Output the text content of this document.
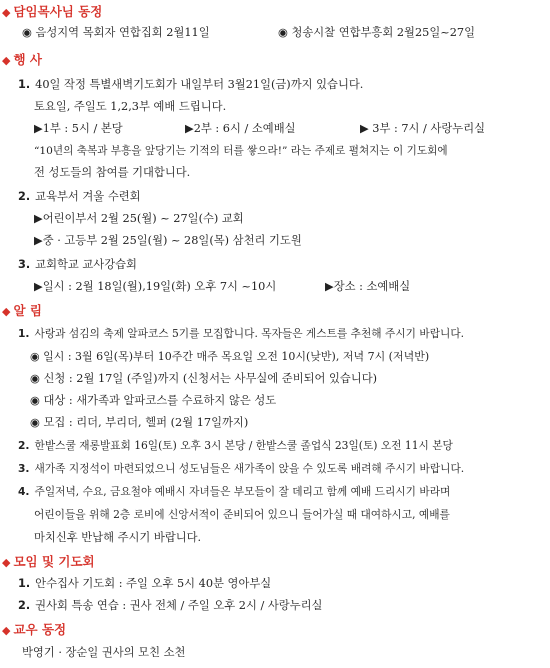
◆ 담임목사님 동정
◉ 음성지역 목회자 연합집회 2월11일	◉ 청송시찰 연합부흥회 2월25일~27일
◆ 행 사
1. 40일 작정 특별새벽기도회가 내일부터 3월21일(금)까지 있습니다.
토요일, 주일도 1,2,3부 예배 드립니다.
▶1부 : 5시 / 본당	▶2부 : 6시 / 소예배실	▶ 3부 : 7시 / 사랑누리실
“10년의 축복과 부흥을 앞당기는 기적의 터를 쌓으라!” 라는 주제로 펼쳐지는 이 기도회에
전 성도들의 참여를 기대합니다.
2. 교육부서 겨울 수련회
▶어린이부서 2월 25(월) ~ 27일(수) 교회
▶중 · 고등부 2월 25일(월) ~ 28일(목) 삼천리 기도원
3. 교회학교 교사강습회
▶일시 : 2월 18일(월),19일(화) 오후 7시 ~10시	▶장소 : 소예배실
◆ 알 림
1. 사랑과 섬김의 축제 알파코스 5기를 모집합니다. 목자들은 게스트를 추천해 주시기 바랍니다.
◉ 일시 : 3월 6일(목)부터 10주간 매주 목요일 오전 10시(낮반), 저녁 7시 (저녁반)
◉ 신청 : 2월 17일 (주일)까지 (신청서는 사무실에 준비되어 있습니다)
◉ 대상 : 새가족과 알파코스를 수료하지 않은 성도
◉ 모집 : 리더, 부리더, 헬퍼 (2월 17일까지)
2. 한밭스쿨 재롱발표회 16일(토) 오후 3시 본당 / 한밭스쿨 졸업식 23일(토) 오전 11시 본당
3. 새가족 지정석이 마련되었으니 성도님들은 새가족이 앉을 수 있도록 배려해 주시기 바랍니다.
4. 주일저녁, 수요, 금요철야 예배시 자녀들은 부모들이 잘 데리고 함께 예배 드리시기 바라며
어린이들을 위해 2층 로비에 신앙서적이 준비되어 있으니 들어가실 때 대여하시고, 예배를
마치신후 반납해 주시기 바랍니다.
◆ 모임 및 기도회
1. 안수집사 기도회 : 주일 오후 5시 40분 영아부실
2. 권사회 특송 연습 : 권사 전체 / 주일 오후 2시 / 사랑누리실
◆ 교우 동정
박영기 · 장순일 권사의 모친 소천
